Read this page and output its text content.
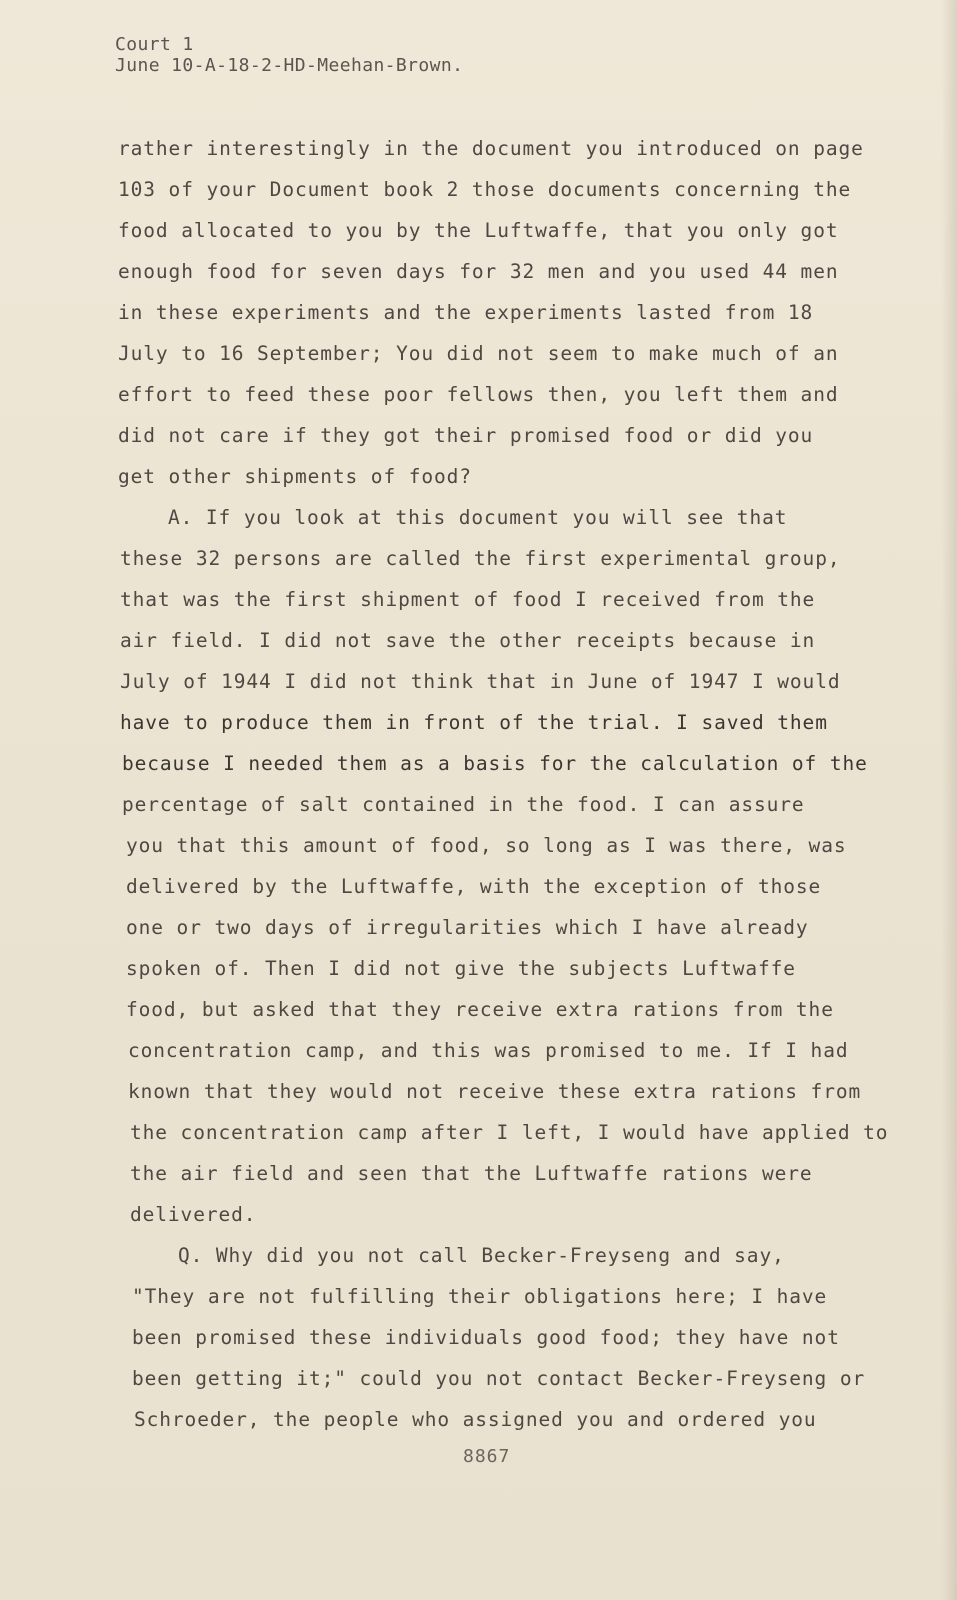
Court 1
June 10-A-18-2-HD-Meehan-Brown.
rather interestingly in the document you introduced on page
103 of your Document book 2 those documents concerning the
food allocated to you by the Luftwaffe, that you only got
enough food for seven days for 32 men and you used 44 men
in these experiments and the experiments lasted from 18
July to 16 September; You did not seem to make much of an
effort to feed these poor fellows then, you left them and
did not care if they got their promised food or did you
get other shipments of food?
A. If you look at this document you will see that
these 32 persons are called the first experimental group,
that was the first shipment of food I received from the
air field. I did not save the other receipts because in
July of 1944 I did not think that in June of 1947 I would
have to produce them in front of the trial. I saved them
because I needed them as a basis for the calculation of the
percentage of salt contained in the food. I can assure
you that this amount of food, so long as I was there, was
delivered by the Luftwaffe, with the exception of those
one or two days of irregularities which I have already
spoken of. Then I did not give the subjects Luftwaffe
food, but asked that they receive extra rations from the
concentration camp, and this was promised to me. If I had
known that they would not receive these extra rations from
the concentration camp after I left, I would have applied to
the air field and seen that the Luftwaffe rations were
delivered.
Q. Why did you not call Becker-Freyseng and say,
"They are not fulfilling their obligations here; I have
been promised these individuals good food; they have not
been getting it;" could you not contact Becker-Freyseng or
Schroeder, the people who assigned you and ordered you
8867
